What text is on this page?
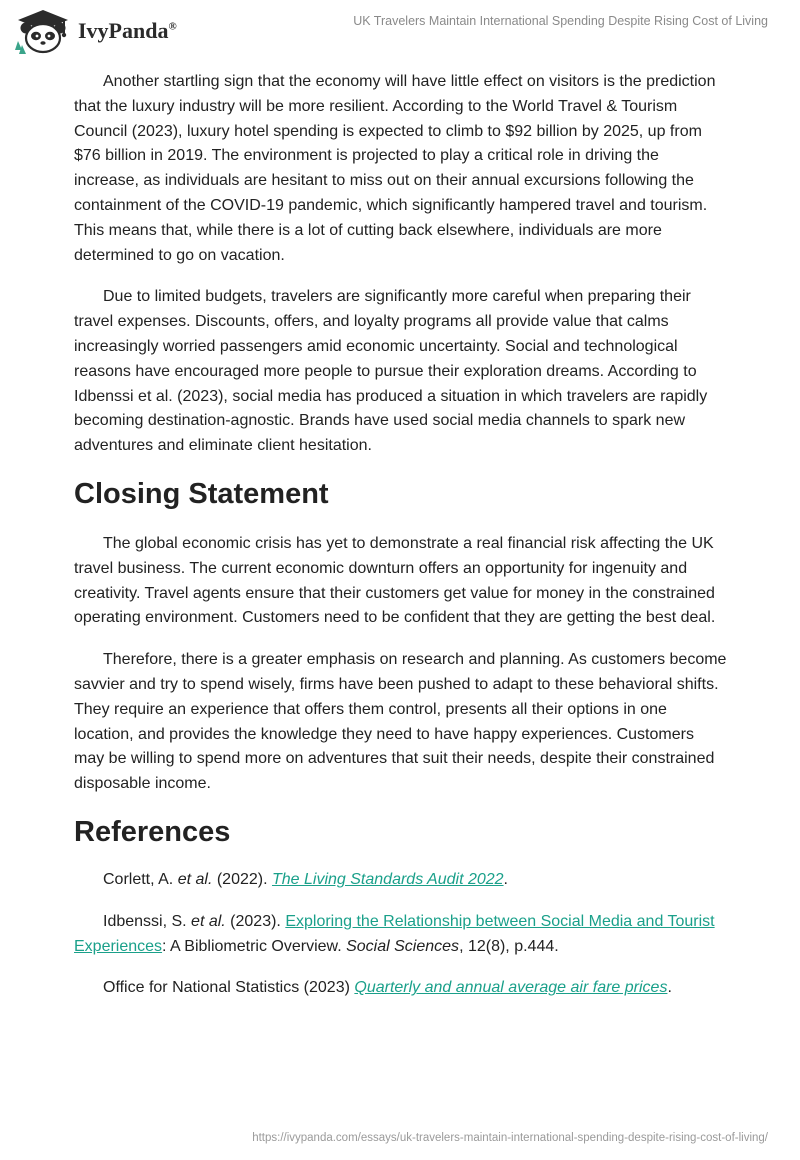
IvyPanda®	UK Travelers Maintain International Spending Despite Rising Cost of Living

Another startling sign that the economy will have little effect on visitors is the prediction that the luxury industry will be more resilient. According to the World Travel & Tourism Council (2023), luxury hotel spending is expected to climb to $92 billion by 2025, up from $76 billion in 2019. The environment is projected to play a critical role in driving the increase, as individuals are hesitant to miss out on their annual excursions following the containment of the COVID-19 pandemic, which significantly hampered travel and tourism. This means that, while there is a lot of cutting back elsewhere, individuals are more determined to go on vacation.

Due to limited budgets, travelers are significantly more careful when preparing their travel expenses. Discounts, offers, and loyalty programs all provide value that calms increasingly worried passengers amid economic uncertainty. Social and technological reasons have encouraged more people to pursue their exploration dreams. According to Idbenssi et al. (2023), social media has produced a situation in which travelers are rapidly becoming destination-agnostic. Brands have used social media channels to spark new adventures and eliminate client hesitation.

Closing Statement

The global economic crisis has yet to demonstrate a real financial risk affecting the UK travel business. The current economic downturn offers an opportunity for ingenuity and creativity. Travel agents ensure that their customers get value for money in the constrained operating environment. Customers need to be confident that they are getting the best deal.

Therefore, there is a greater emphasis on research and planning. As customers become savvier and try to spend wisely, firms have been pushed to adapt to these behavioral shifts. They require an experience that offers them control, presents all their options in one location, and provides the knowledge they need to have happy experiences. Customers may be willing to spend more on adventures that suit their needs, despite their constrained disposable income.

References

Corlett, A. et al. (2022). The Living Standards Audit 2022.

Idbenssi, S. et al. (2023). Exploring the Relationship between Social Media and Tourist Experiences: A Bibliometric Overview. Social Sciences, 12(8), p.444.

Office for National Statistics (2023) Quarterly and annual average air fare prices.

https://ivypanda.com/essays/uk-travelers-maintain-international-spending-despite-rising-cost-of-living/
